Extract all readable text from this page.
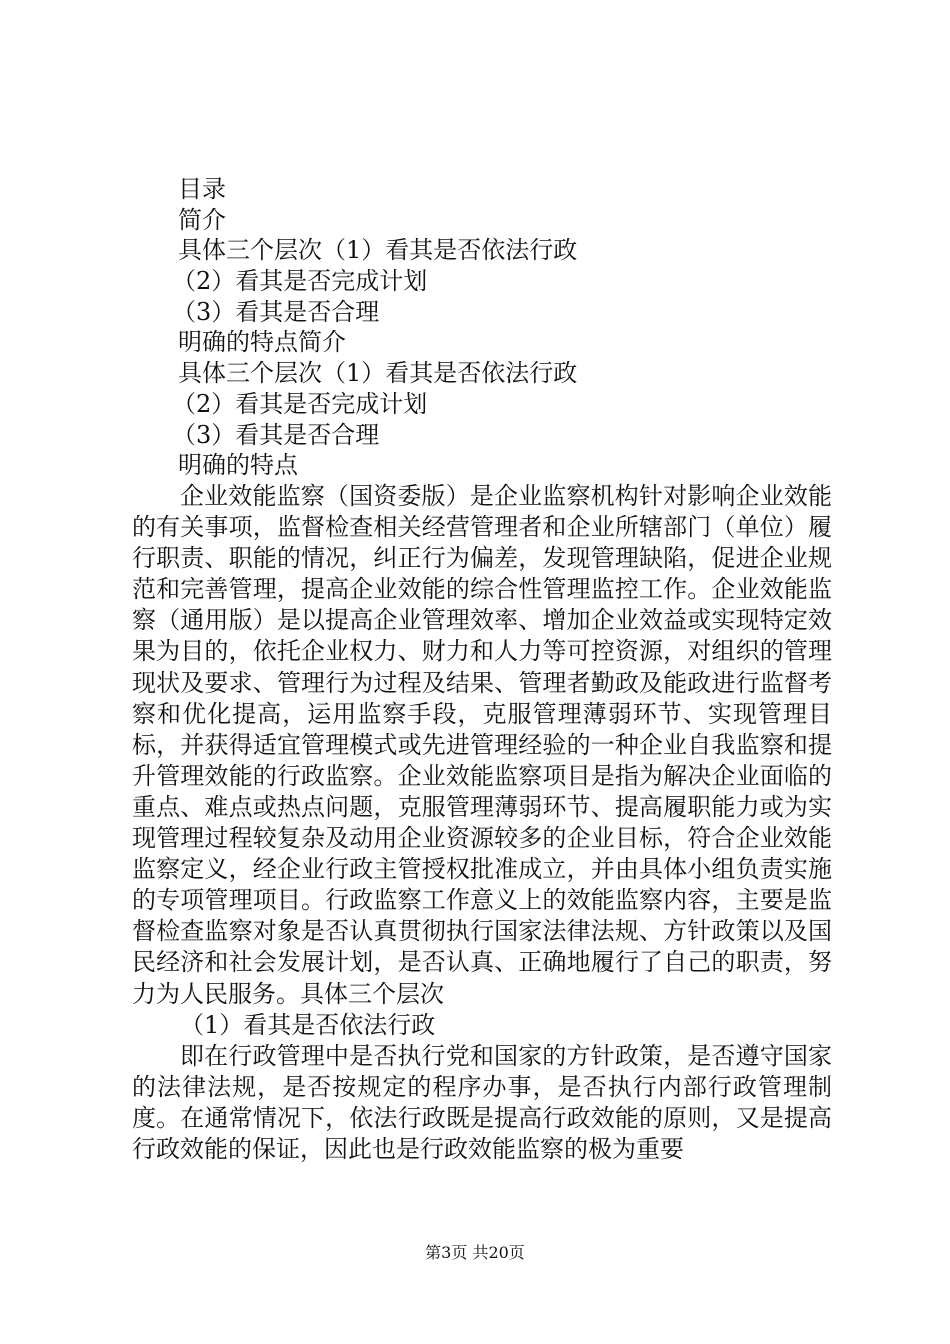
目录
简介
具体三个层次（1）看其是否依法行政
（2）看其是否完成计划
（3）看其是否合理
明确的特点简介
具体三个层次（1）看其是否依法行政
（2）看其是否完成计划
（3）看其是否合理
明确的特点

企业效能监察（国资委版）是企业监察机构针对影响企业效能的有关事项，监督检查相关经营管理者和企业所辖部门（单位）履行职责、职能的情况，纠正行为偏差，发现管理缺陷，促进企业规范和完善管理，提高企业效能的综合性管理监控工作。企业效能监察（通用版）是以提高企业管理效率、增加企业效益或实现特定效果为目的，依托企业权力、财力和人力等可控资源，对组织的管理现状及要求、管理行为过程及结果、管理者勤政及能政进行监督考察和优化提高，运用监察手段，克服管理薄弱环节、实现管理目标，并获得适宜管理模式或先进管理经验的一种企业自我监察和提升管理效能的行政监察。企业效能监察项目是指为解决企业面临的重点、难点或热点问题，克服管理薄弱环节、提高履职能力或为实现管理过程较复杂及动用企业资源较多的企业目标，符合企业效能监察定义，经企业行政主管授权批准成立，并由具体小组负责实施的专项管理项目。行政监察工作意义上的效能监察内容，主要是监督检查监察对象是否认真贯彻执行国家法律法规、方针政策以及国民经济和社会发展计划，是否认真、正确地履行了自己的职责，努力为人民服务。具体三个层次

（1）看其是否依法行政

即在行政管理中是否执行党和国家的方针政策，是否遵守国家的法律法规，是否按规定的程序办事，是否执行内部行政管理制度。在通常情况下，依法行政既是提高行政效能的原则，又是提高行政效能的保证，因此也是行政效能监察的极为重要

第3页 共20页
